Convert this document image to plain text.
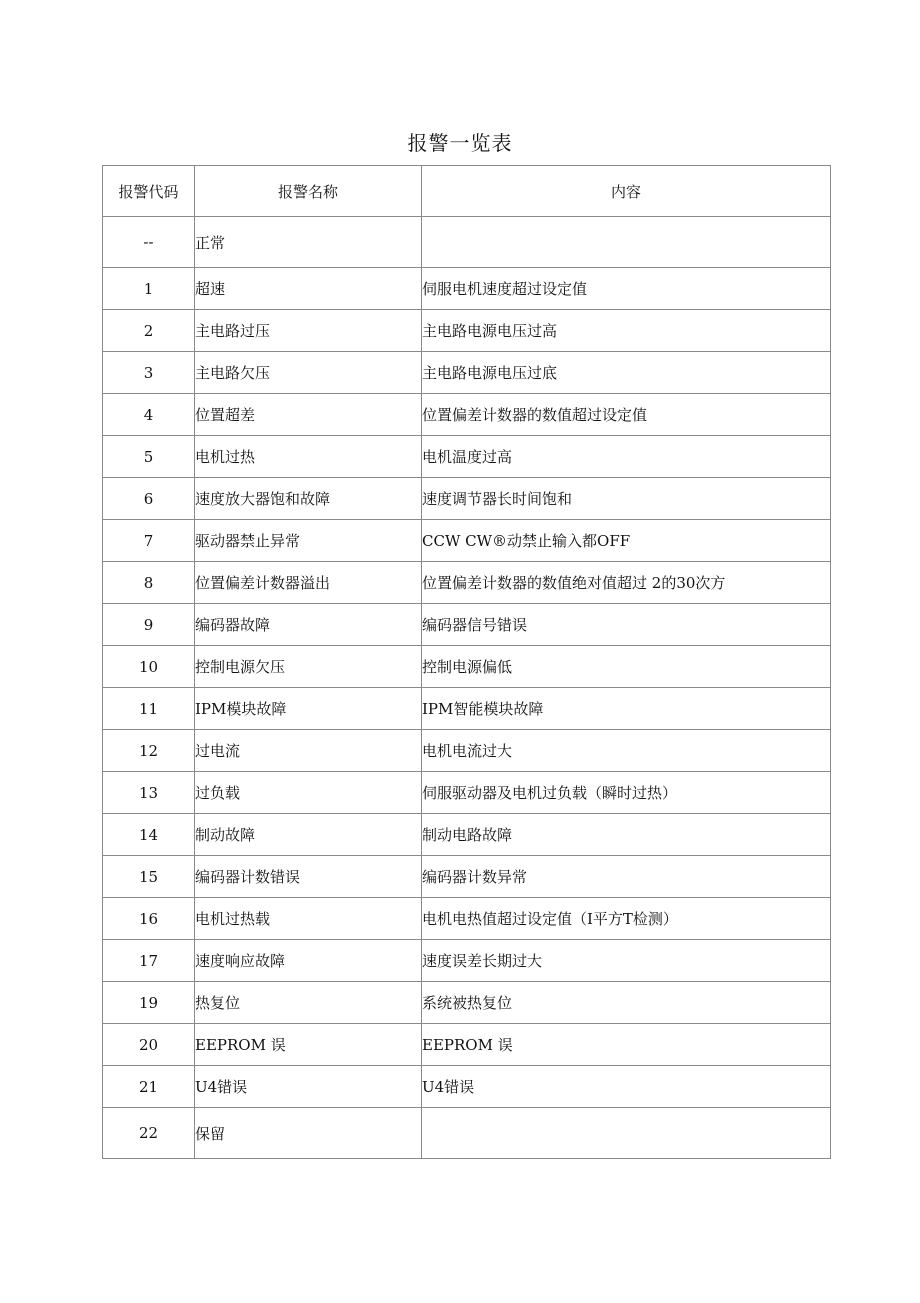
报警一览表
报警代码	报警名称	内容
--	正常	
1	超速	伺服电机速度超过设定值
2	主电路过压	主电路电源电压过高
3	主电路欠压	主电路电源电压过底
4	位置超差	位置偏差计数器的数值超过设定值
5	电机过热	电机温度过高
6	速度放大器饱和故障	速度调节器长时间饱和
7	驱动器禁止异常	CCW CW®动禁止输入都OFF
8	位置偏差计数器溢出	位置偏差计数器的数值绝对值超过 2的30次方
9	编码器故障	编码器信号错误
10	控制电源欠压	控制电源偏低
11	IPM模块故障	IPM智能模块故障
12	过电流	电机电流过大
13	过负载	伺服驱动器及电机过负载（瞬时过热）
14	制动故障	制动电路故障
15	编码器计数错误	编码器计数异常
16	电机过热载	电机电热值超过设定值（I平方T检测）
17	速度响应故障	速度误差长期过大
19	热复位	系统被热复位
20	EEPROM 误	EEPROM 误
21	U4错误	U4错误
22	保留	
